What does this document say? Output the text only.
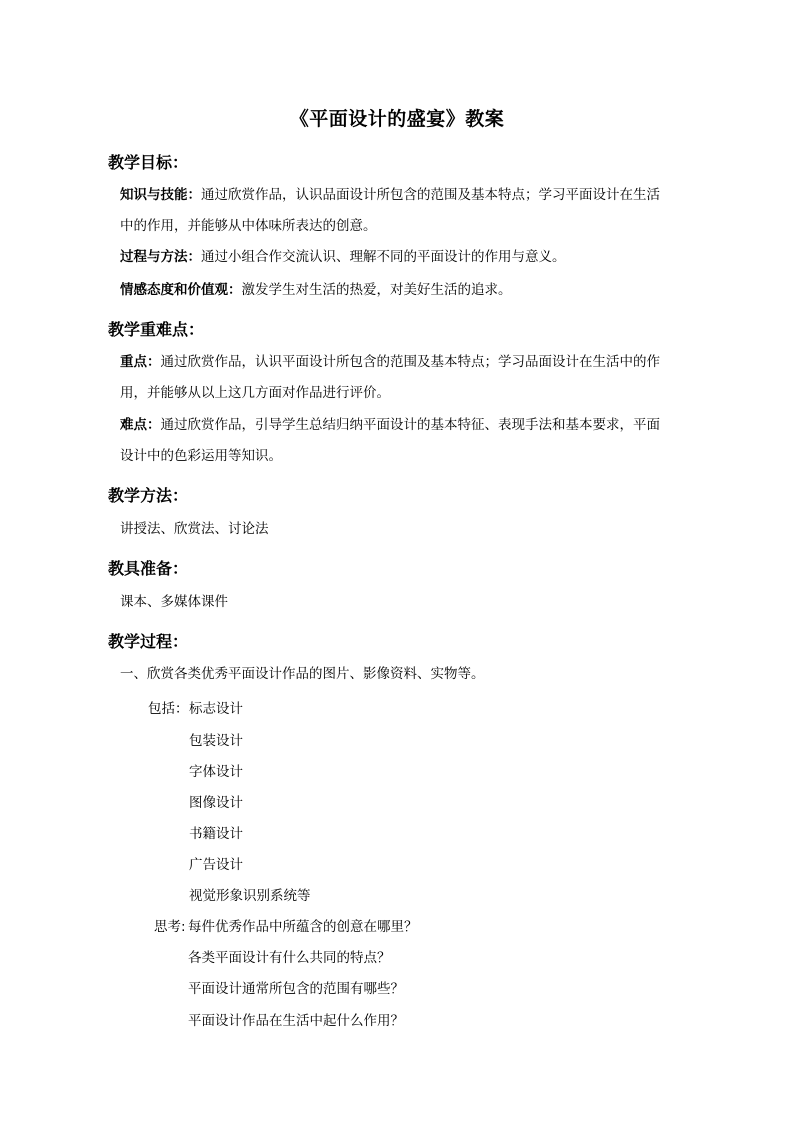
《平面设计的盛宴》教案
教学目标：
知识与技能：通过欣赏作品，认识品面设计所包含的范围及基本特点；学习平面设计在生活
中的作用，并能够从中体味所表达的创意。
过程与方法：通过小组合作交流认识、理解不同的平面设计的作用与意义。
情感态度和价值观：激发学生对生活的热爱，对美好生活的追求。
教学重难点：
重点：通过欣赏作品，认识平面设计所包含的范围及基本特点；学习品面设计在生活中的作
用，并能够从以上这几方面对作品进行评价。
难点：通过欣赏作品，引导学生总结归纳平面设计的基本特征、表现手法和基本要求，平面
设计中的色彩运用等知识。
教学方法：
讲授法、欣赏法、讨论法
教具准备：
课本、多媒体课件
教学过程：
一、欣赏各类优秀平面设计作品的图片、影像资料、实物等。
包括： 标志设计
包装设计
字体设计
图像设计
书籍设计
广告设计
视觉形象识别系统等
思考: 每件优秀作品中所蕴含的创意在哪里？
各类平面设计有什么共同的特点？
平面设计通常所包含的范围有哪些？
平面设计作品在生活中起什么作用？
